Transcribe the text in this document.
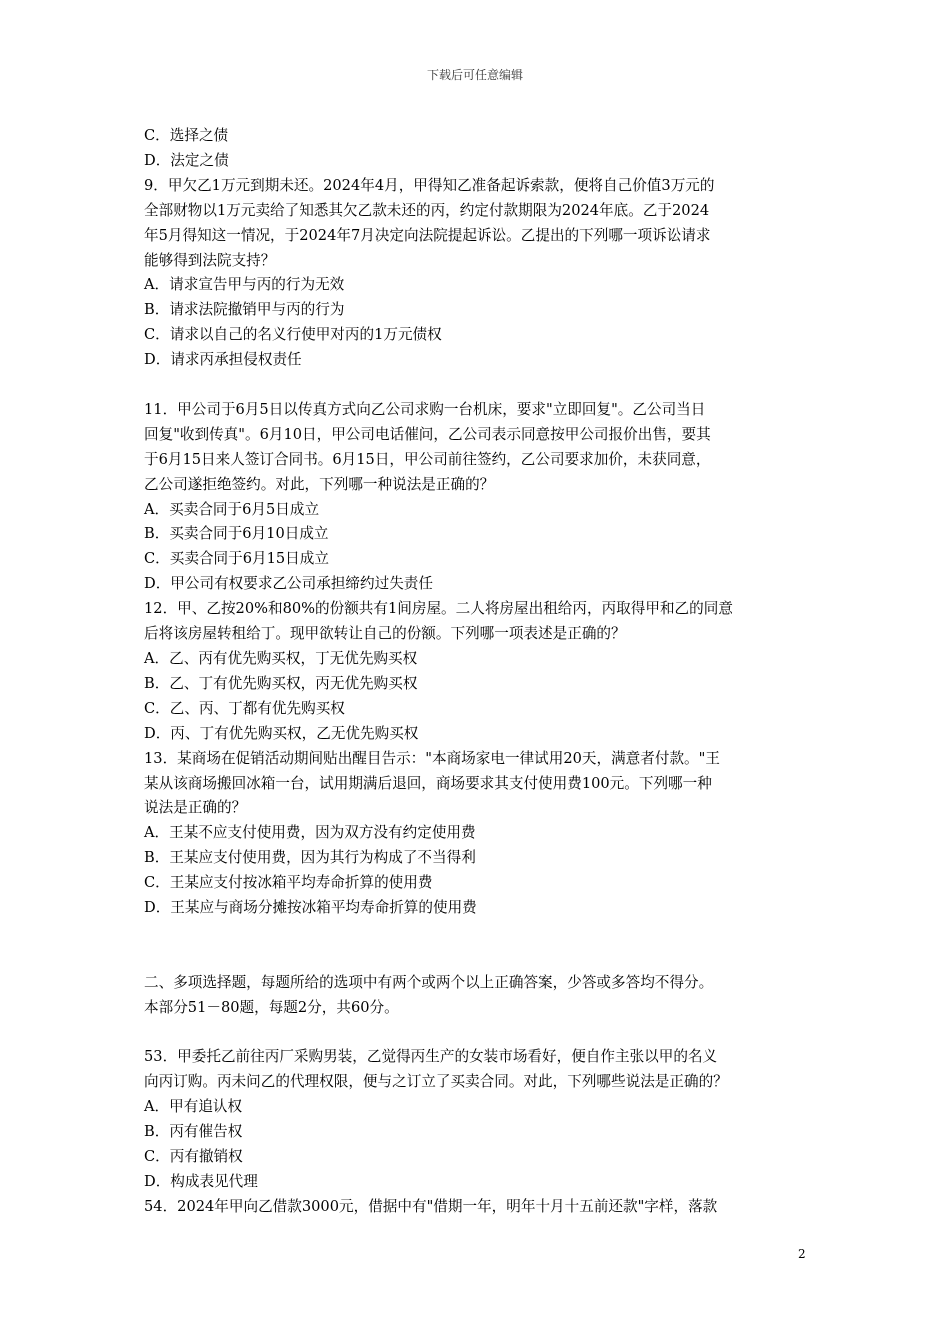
下载后可任意编辑
C．选择之债
D．法定之债
9．甲欠乙1万元到期未还。2024年4月，甲得知乙准备起诉索款，便将自己价值3万元的
全部财物以1万元卖给了知悉其欠乙款未还的丙，约定付款期限为2024年底。乙于2024
年5月得知这一情况，于2024年7月决定向法院提起诉讼。乙提出的下列哪一项诉讼请求
能够得到法院支持？
A．请求宣告甲与丙的行为无效
B．请求法院撤销甲与丙的行为
C．请求以自己的名义行使甲对丙的1万元债权
D．请求丙承担侵权责任
11．甲公司于6月5日以传真方式向乙公司求购一台机床，要求"立即回复"。乙公司当日
回复"收到传真"。6月10日，甲公司电话催问，乙公司表示同意按甲公司报价出售，要其
于6月15日来人签订合同书。6月15日，甲公司前往签约，乙公司要求加价，未获同意，
乙公司遂拒绝签约。对此，下列哪一种说法是正确的？
A．买卖合同于6月5日成立
B．买卖合同于6月10日成立
C．买卖合同于6月15日成立
D．甲公司有权要求乙公司承担缔约过失责任
12．甲、乙按20%和80%的份额共有1间房屋。二人将房屋出租给丙，丙取得甲和乙的同意
后将该房屋转租给丁。现甲欲转让自己的份额。下列哪一项表述是正确的？
A．乙、丙有优先购买权，丁无优先购买权
B．乙、丁有优先购买权，丙无优先购买权
C．乙、丙、丁都有优先购买权
D．丙、丁有优先购买权，乙无优先购买权
13．某商场在促销活动期间贴出醒目告示："本商场家电一律试用20天，满意者付款。"王
某从该商场搬回冰箱一台，试用期满后退回，商场要求其支付使用费100元。下列哪一种
说法是正确的？
A．王某不应支付使用费，因为双方没有约定使用费
B．王某应支付使用费，因为其行为构成了不当得利
C．王某应支付按冰箱平均寿命折算的使用费
D．王某应与商场分摊按冰箱平均寿命折算的使用费
二、多项选择题，每题所给的选项中有两个或两个以上正确答案，少答或多答均不得分。
本部分51－80题，每题2分，共60分。
53．甲委托乙前往丙厂采购男装，乙觉得丙生产的女装市场看好，便自作主张以甲的名义
向丙订购。丙未问乙的代理权限，便与之订立了买卖合同。对此，下列哪些说法是正确的？
A．甲有追认权
B．丙有催告权
C．丙有撤销权
D．构成表见代理
54．2024年甲向乙借款3000元，借据中有"借期一年，明年十月十五前还款"字样，落款
2
